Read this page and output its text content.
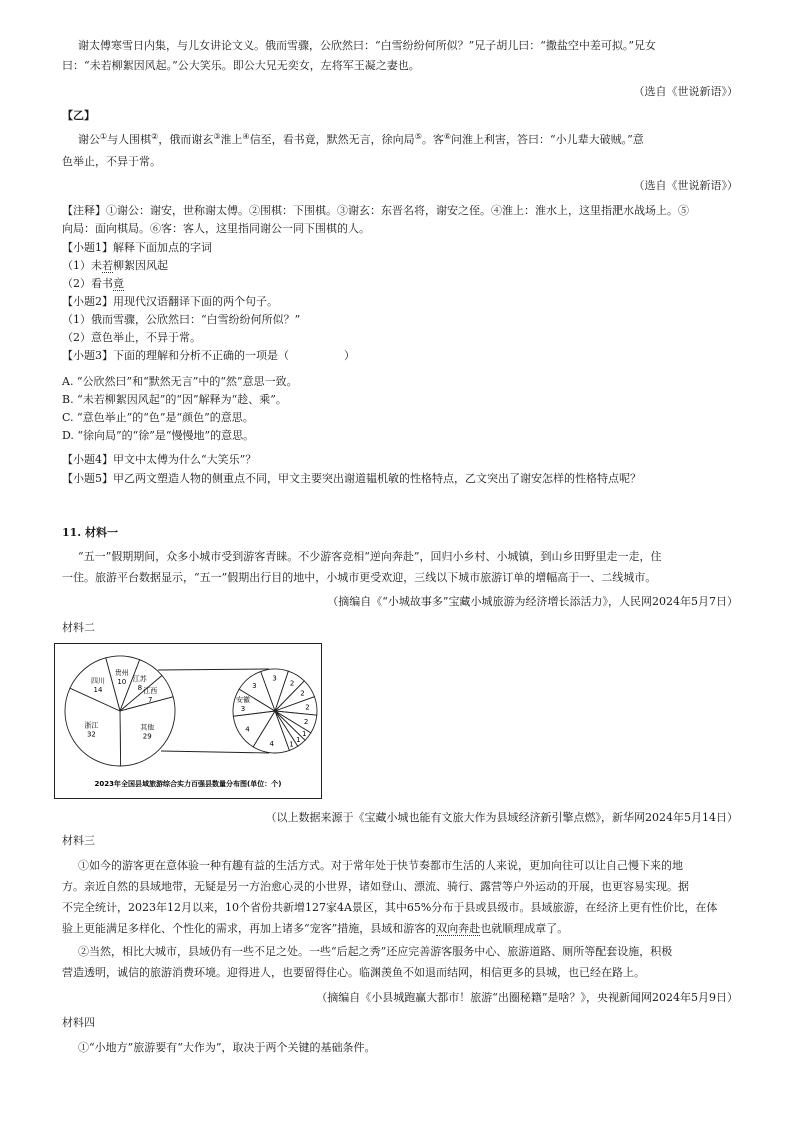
谢太傅寒雪日内集，与儿女讲论文义。俄而雪骤，公欣然曰：“白雪纷纷何所似？”兄子胡儿曰：“撒盐空中差可拟。”兄女
曰：“未若柳絮因风起。”公大笑乐。即公大兄无奕女，左将军王凝之妻也。
（选自《世说新语》）
【乙】
谢公①与人围棋②，俄而谢玄③淮上④信至，看书竟，默然无言，徐向局⑤。客⑥问淮上利害，答曰：“小儿辈大破贼。”意
色举止，不异于常。
（选自《世说新语》）
【注释】①谢公：谢安，世称谢太傅。②围棋：下围棋。③谢玄：东晋名将，谢安之侄。④淮上：淮水上，这里指淝水战场上。⑤
向局：面向棋局。⑥客：客人，这里指同谢公一同下围棋的人。
【小题1】解释下面加点的字词
（1）未若柳絮因风起
（2）看书竟
【小题2】用现代汉语翻译下面的两个句子。
（1）俄而雪骤，公欣然曰：“白雪纷纷何所似？”
（2）意色举止，不异于常。
【小题3】下面的理解和分析不正确的一项是（　　　　　）
A. “公欣然曰”和“默然无言”中的“然”意思一致。
B. “未若柳絮因风起”的“因”解释为“趁、乘”。
C. “意色举止”的“色”是“颜色”的意思。
D. “徐向局”的“徐”是“慢慢地”的意思。
【小题4】甲文中太傅为什么“大笑乐”？
【小题5】甲乙两文塑造人物的侧重点不同，甲文主要突出谢道韫机敏的性格特点，乙文突出了谢安怎样的性格特点呢？
11. 材料一
“五一”假期期间，众多小城市受到游客青睐。不少游客竞相“逆向奔赴”，回归小乡村、小城镇，到山乡田野里走一走，住
一住。旅游平台数据显示，“五一”假期出行目的地中，小城市更受欢迎，三线以下城市旅游订单的增幅高于一、二线城市。
（摘编自《“小城故事多”宝藏小城旅游为经济增长添活力》，人民网2024年5月7日）
材料二
贵州
10 江苏
8 江西
7
其他
29
浙江
32
四川
14
3
2
2
2
2
1
1
1
4
4
安徽
3
3
2023年全国县域旅游综合实力百强县数量分布图(单位：个)
（以上数据来源于《宝藏小城也能有文旅大作为县域经济新引擎点燃》，新华网2024年5月14日）
材料三
①如今的游客更在意体验一种有趣有益的生活方式。对于常年处于快节奏都市生活的人来说，更加向往可以让自己慢下来的地
方。亲近自然的县域地带，无疑是另一方治愈心灵的小世界，诸如登山、漂流、骑行、露营等户外运动的开展，也更容易实现。据
不完全统计，2023年12月以来，10个省份共新增127家4A景区，其中65%分布于县或县级市。县域旅游，在经济上更有性价比，在体
验上更能满足多样化、个性化的需求，再加上诸多“宠客”措施，县域和游客的双向奔赴也就顺理成章了。
②当然，相比大城市，县域仍有一些不足之处。一些“后起之秀”还应完善游客服务中心、旅游道路、厕所等配套设施，积极
营造透明，诚信的旅游消费环境。迎得进人，也要留得住心。临渊羡鱼不如退而结网，相信更多的县城，也已经在路上。
（摘编自《小县城跑赢大都市！旅游“出圈秘籍”是啥？》，央视新闻网2024年5月9日）
材料四
①“小地方”旅游要有“大作为”，取决于两个关键的基础条件。
